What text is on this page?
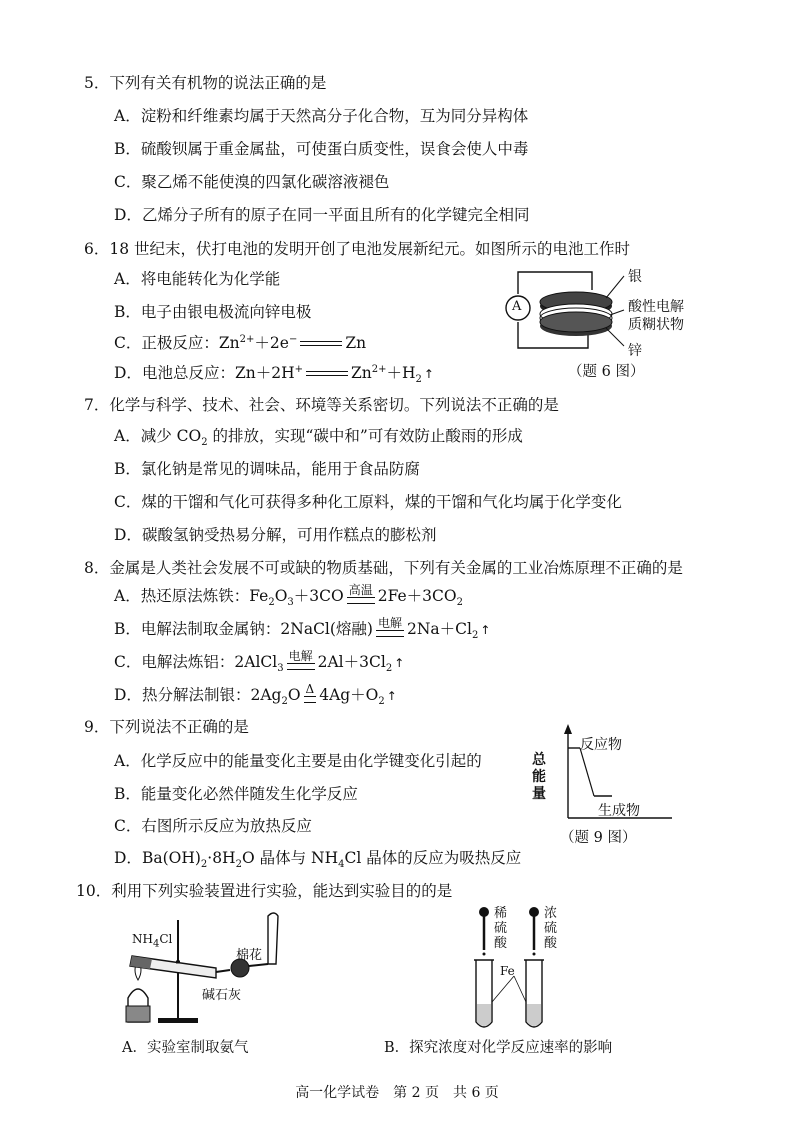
5．下列有关有机物的说法正确的是
A．淀粉和纤维素均属于天然高分子化合物，互为同分异构体
B．硫酸钡属于重金属盐，可使蛋白质变性，误食会使人中毒
C．聚乙烯不能使溴的四氯化碳溶液褪色
D．乙烯分子所有的原子在同一平面且所有的化学键完全相同
6．18 世纪末，伏打电池的发明开创了电池发展新纪元。如图所示的电池工作时
A．将电能转化为化学能
B．电子由银电极流向锌电极
C．正极反应：$Zn^{2+}+2e^-$	Zn
D．电池总反应：Zn＋2H+	$Zn^{2+}+H_2$ ↑
A
银
酸性电解
质糊状物
锌
（题 6 图）
7．化学与科学、技术、社会、环境等关系密切。下列说法不正确的是
A．减少 $CO_2$ 的排放，实现“碳中和”可有效防止酸雨的形成
B．氯化钠是常见的调味品，能用于食品防腐
C．煤的干馏和气化可获得多种化工原料，煤的干馏和气化均属于化学变化
D．碳酸氢钠受热易分解，可用作糕点的膨松剂
8．金属是人类社会发展不可或缺的物质基础，下列有关金属的工业冶炼原理不正确的是
A．热还原法炼铁：$Fe_2O_3+3CO$ 高温 $2Fe+3CO_2$
B．电解法制取金属钠：2NaCl(熔融) 电解 $2Na+Cl_2$ ↑
C．电解法炼铝：2AlCl$_3$
电解 $2Al+3Cl_2$ ↑
D．热分解法制银：$2Ag_2O$ Δ $4Ag+O_2$ ↑
9．下列说法不正确的是
A．化学反应中的能量变化主要是由化学键变化引起的
B．能量变化必然伴随发生化学反应
C．右图所示反应为放热反应
D．$Ba(OH)_2\cdot 8H_2O$ 晶体与 $NH_4Cl$ 晶体的反应为吸热反应
总能量
反应物
生成物
（题 9 图）
10．利用下列实验装置进行实验，能达到实验目的的是
$NH_4Cl$
棉花
碱石灰
A．实验室制取氨气
稀硫酸
浓硫酸
Fe
B．探究浓度对化学反应速率的影响
高一化学试卷　第 2 页　共 6 页
